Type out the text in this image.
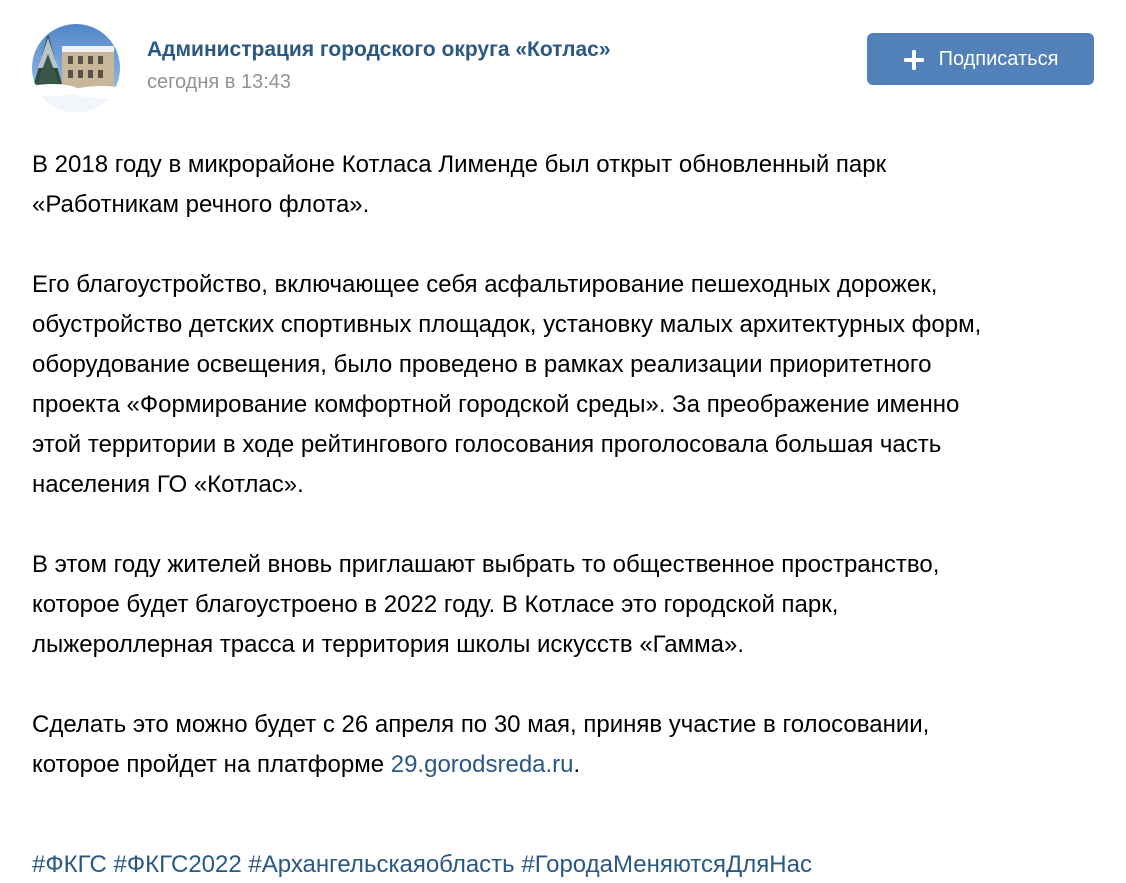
Администрация городского округа «Котлас»
сегодня в 13:43
Подписаться

В 2018 году в микрорайоне Котласа Лименде был открыт обновленный парк
«Работникам речного флота».

Его благоустройство, включающее себя асфальтирование пешеходных дорожек,
обустройство детских спортивных площадок, установку малых архитектурных форм,
оборудование освещения, было проведено в рамках реализации приоритетного
проекта «Формирование комфортной городской среды». За преображение именно
этой территории в ходе рейтингового голосования проголосовала большая часть
населения ГО «Котлас».

В этом году жителей вновь приглашают выбрать то общественное пространство,
которое будет благоустроено в 2022 году. В Котласе это городской парк,
лыжероллерная трасса и территория школы искусств «Гамма».

Сделать это можно будет с 26 апреля по 30 мая, приняв участие в голосовании,
которое пройдет на платформе 29.gorodsreda.ru.

#ФКГС #ФКГС2022 #Архангельскаяобласть #ГородаМеняютсяДляНас
